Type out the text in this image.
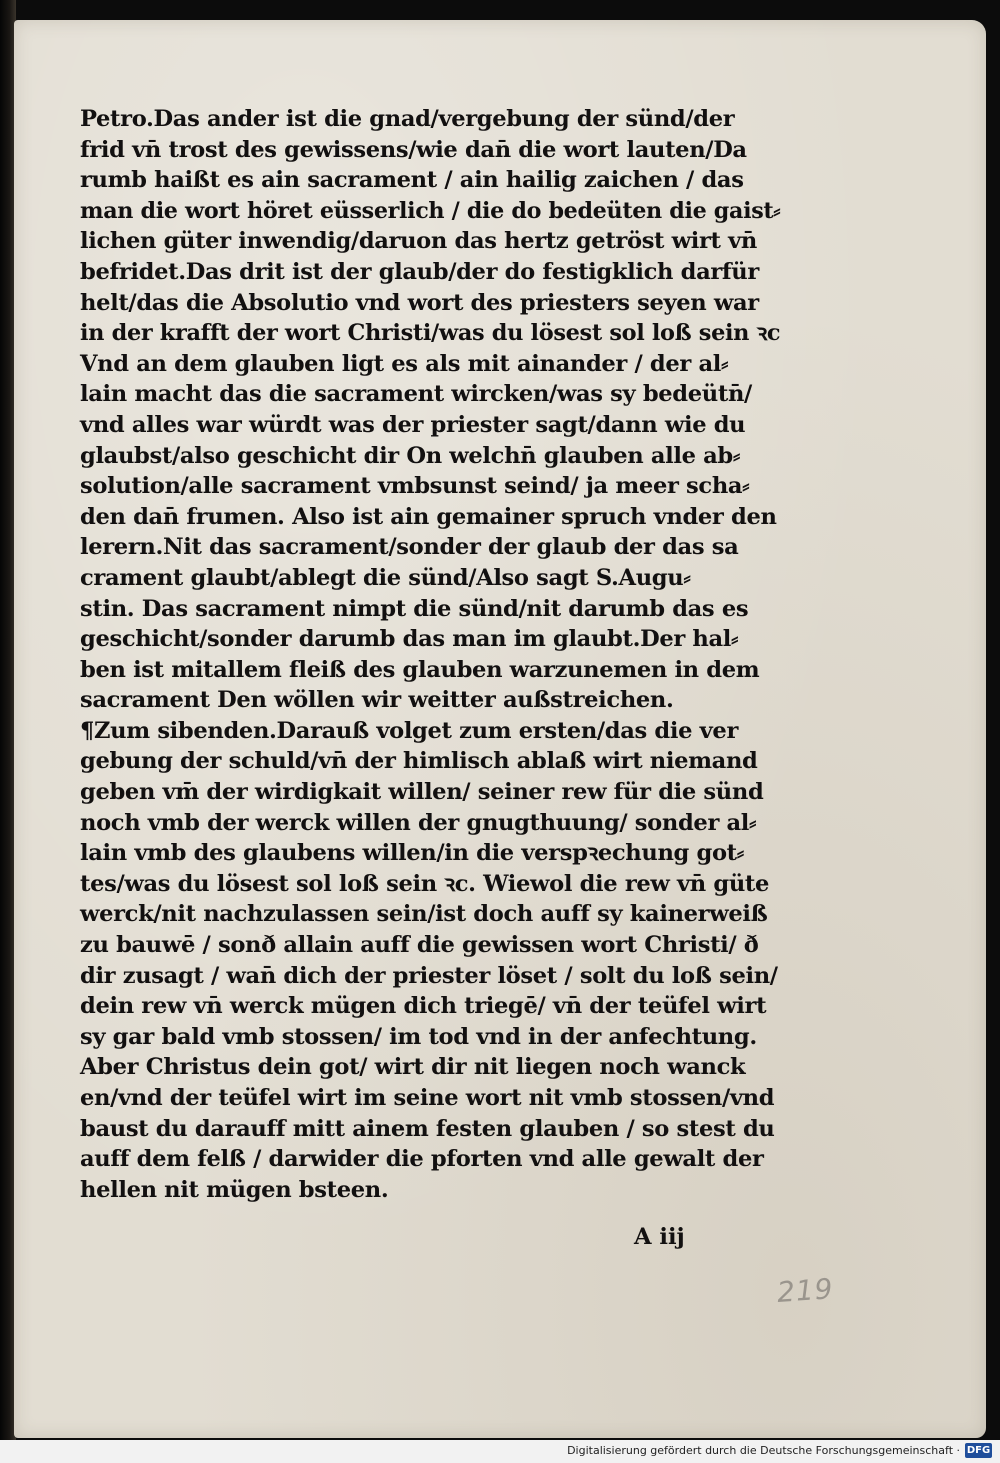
Petro.Das ander ist die gnad/vergebung der sünd/der
frid vn̄ trost des gewissens/wie dan̄ die wort lauten/Da
rumb haißt es ain sacrament / ain hailig zaichen / das
man die wort höret eüsserlich / die do bedeüten die gaist⸗
lichen güter inwendig/daruon das hertz getröst wirt vn̄
befridet.Das drit ist der glaub/der do festigklich darfür
helt/das die Absolutio vnd wort des priesters seyen war
in der krafft der wort Christi/was du lösest sol loß sein ꝛc
Vnd an dem glauben ligt es als mit ainander / der al⸗
lain macht das die sacrament wircken/was sy bedeütn̄/
vnd alles war würdt was der priester sagt/dann wie du
glaubst/also geschicht dir On welchn̄ glauben alle ab⸗
solution/alle sacrament vmbsunst seind/ ja meer scha⸗
den dan̄ frumen. Also ist ain gemainer spruch vnder den
lerern.Nit das sacrament/sonder der glaub der das sa
crament glaubt/ablegt die sünd/Also sagt S.Augu⸗
stin. Das sacrament nimpt die sünd/nit darumb das es
geschicht/sonder darumb das man im glaubt.Der hal⸗
ben ist mitallem fleiß des glauben warzunemen in dem
sacrament Den wöllen wir weitter außstreichen.
¶Zum sibenden.Darauß volget zum ersten/das die ver
gebung der schuld/vn̄ der himlisch ablaß wirt niemand
geben vm̄ der wirdigkait willen/ seiner rew für die sünd
noch vmb der werck willen der gnugthuung/ sonder al⸗
lain vmb des glaubens willen/in die verspꝛechung got⸗
tes/was du lösest sol loß sein ꝛc. Wiewol die rew vn̄ güte
werck/nit nachzulassen sein/ist doch auff sy kainerweiß
zu bauwē / sonð allain auff die gewissen wort Christi/ ð
dir zusagt / wan̄ dich der priester löset / solt du loß sein/
dein rew vn̄ werck mügen dich triegē/ vn̄ der teüfel wirt
sy gar bald vmb stossen/ im tod vnd in der anfechtung.
Aber Christus dein got/ wirt dir nit liegen noch wanck
en/vnd der teüfel wirt im seine wort nit vmb stossen/vnd
baust du darauff mitt ainem festen glauben / so stest du
auff dem felß / darwider die pforten vnd alle gewalt der
hellen nit mügen bsteen.
A iij
219
Digitalisierung gefördert durch die Deutsche Forschungsgemeinschaft · DFG
